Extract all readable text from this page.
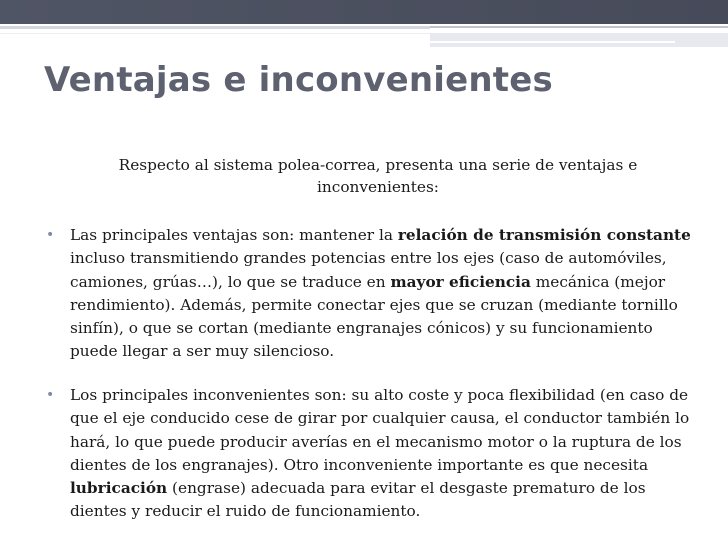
Ventajas e inconvenientes

Respecto al sistema polea-correa, presenta una serie de ventajas e inconvenientes:

• Las principales ventajas son: mantener la relación de transmisión constante incluso transmitiendo grandes potencias entre los ejes (caso de automóviles, camiones, grúas…), lo que se traduce en mayor eficiencia mecánica (mejor rendimiento). Además, permite conectar ejes que se cruzan (mediante tornillo sinfín), o que se cortan (mediante engranajes cónicos) y su funcionamiento puede llegar a ser muy silencioso.
• Los principales inconvenientes son: su alto coste y poca flexibilidad (en caso de que el eje conducido cese de girar por cualquier causa, el conductor también lo hará, lo que puede producir averías en el mecanismo motor o la ruptura de los dientes de los engranajes). Otro inconveniente importante es que necesita lubricación (engrase) adecuada para evitar el desgaste prematuro de los dientes y reducir el ruido de funcionamiento.
